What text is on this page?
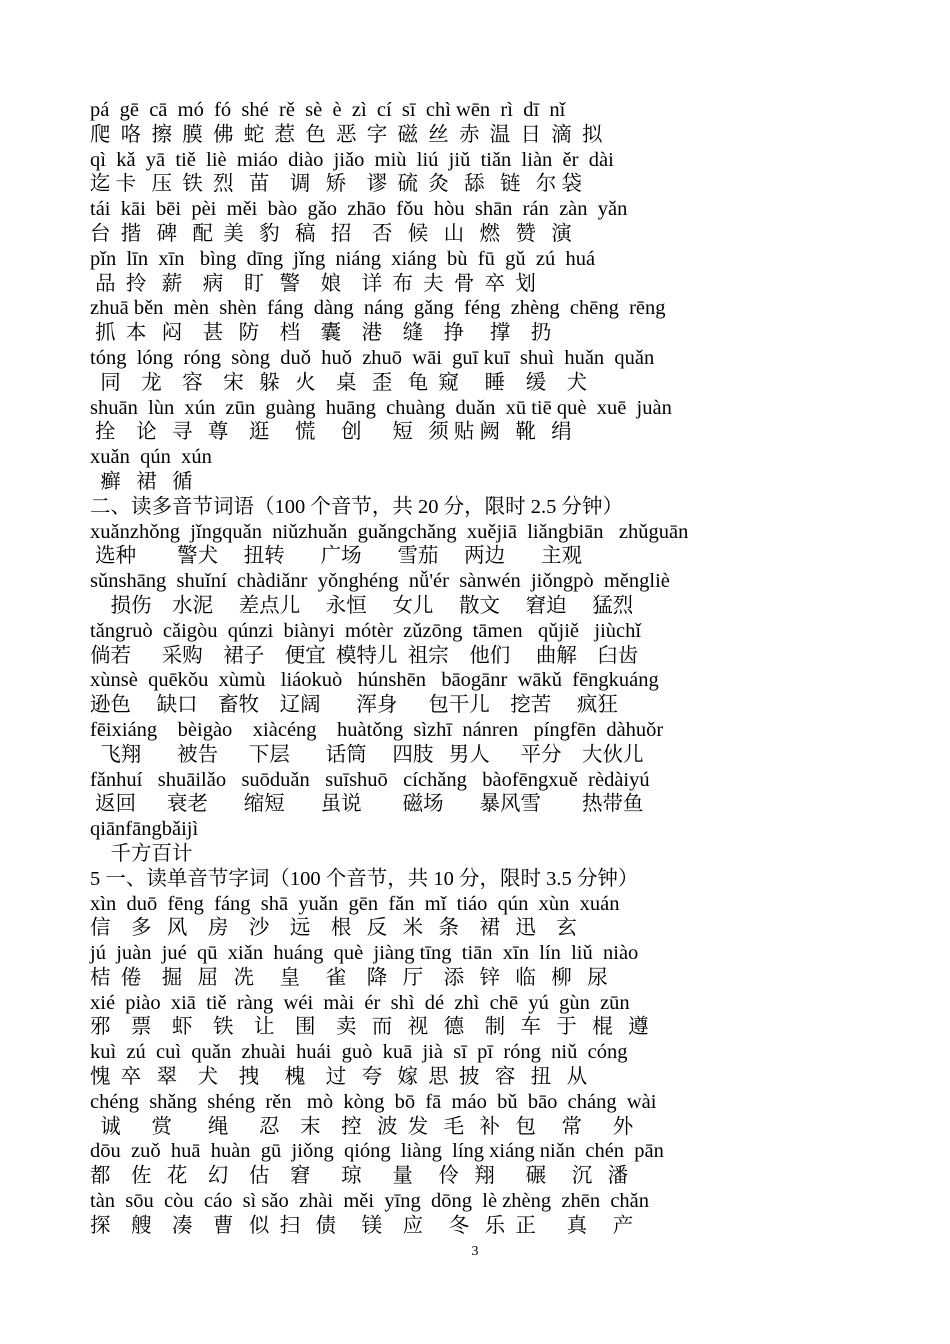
pá  gē  cā  mó  fó  shé  rě  sè  è  zì  cí  sī  chì wēn  rì  dī  nǐ
爬  咯  擦  膜  佛  蛇  惹  色  恶  字  磁  丝  赤  温  日  滴  拟
qì  kǎ  yā  tiě  liè  miáo  diào  jiǎo  miù  liú  jiǔ  tiǎn  liàn  ěr  dài
迄 卡   压  铁  烈   苗    调   矫    谬  硫  灸   舔   链   尔 袋
tái  kāi  bēi  pèi  měi  bào  gǎo  zhāo  fǒu  hòu  shān  rán  zàn  yǎn
台  揩   碑   配  美   豹   稿   招    否   候   山   燃   赞   演
pǐn  līn  xīn   bìng  dīng  jǐng  niáng  xiáng  bù  fū  gǔ  zú  huá
品  拎   薪    病    盯   警    娘    详  布  夫  骨  卒  划
zhuā běn  mèn  shèn  fáng  dàng  náng  gǎng  féng  zhèng  chēng  rēng
抓  本   闷    甚   防    档    囊    港    缝    挣     撑    扔
tóng  lóng  róng  sòng  duǒ  huǒ  zhuō  wāi  guī kuī  shuì  huǎn  quǎn
同    龙    容    宋   躲   火    桌   歪   龟  窥     睡    缓    犬
shuān  lùn  xún  zūn  guàng  huāng  chuàng  duǎn  xū tiē què  xuē  juàn
拴    论   寻   尊    逛     慌     创      短   须 贴 阙   靴   绢
xuǎn  qún  xún
癣   裙   循
二、读多音节词语（100 个音节，共 20 分，限时 2.5 分钟）
xuǎnzhǒng  jǐngquǎn  niǔzhuǎn  guǎngchǎng  xuějiā  liǎngbiān   zhǔguān
选种        警犬     扭转       广场       雪茄     两边       主观
sǔnshāng  shuǐní  chàdiǎnr  yǒnghéng  nǚ'ér  sànwén  jiǒngpò  měngliè
损伤    水泥     差点儿     永恒     女儿     散文     窘迫     猛烈
tǎngruò  cǎigòu  qúnzi  biànyi  mótèr  zǔzōng  tāmen   qǔjiě   jiùchǐ
倘若      采购    裙子    便宜  模特儿  祖宗    他们     曲解    臼齿
xùnsè  quēkǒu  xùmù   liáokuò   húnshēn   bāogānr  wākǔ  fēngkuáng
逊色     缺口    畜牧    辽阔       浑身      包干儿    挖苦     疯狂
fēixiáng    bèigào    xiàcéng    huàtǒng  sìzhī  nánren   píngfēn  dàhuǒr
飞翔       被告      下层       话筒     四肢   男人      平分    大伙儿
fǎnhuí   shuāilǎo   suōduǎn   suīshuō   cíchǎng   bàofēngxuě  rèdàiyú
返回      衰老       缩短       虽说        磁场       暴风雪        热带鱼
qiānfāngbǎijì
千方百计
5 一、读单音节字词（100 个音节，共 10 分，限时 3.5 分钟）
xìn  duō  fēng  fáng  shā  yuǎn  gēn  fǎn  mǐ  tiáo  qún  xùn  xuán
信    多   风    房    沙    远    根   反   米   条    裙   迅    玄
jú  juàn  jué  qū  xiǎn  huáng  què  jiàng tīng  tiān  xīn  lín  liǔ  niào
桔  倦    掘   屈   冼     皇     雀    降   厅    添   锌   临   柳   尿
xié  piào  xiā  tiě  ràng  wéi  mài  ér  shì  dé  zhì  chē  yú  gùn  zūn
邪    票    虾    铁    让    围    卖   而   视   德    制   车   于   棍   遵
kuì  zú  cuì  quǎn  zhuài  huái  guò  kuā  jià  sī  pī  róng  niǔ  cóng
愧  卒   翠    犬    拽     槐    过   夸   嫁  思  披   容   扭   从
chéng  shǎng  shéng  rěn   mò  kòng  bō  fā  máo  bǔ  bāo  cháng  wài
诚      赏       绳      忍    末    控   波  发   毛   补   包     常      外
dōu  zuǒ  huā  huàn  gū  jiǒng  qióng  liàng  líng xiáng niǎn  chén  pān
都    佐   花    幻    估    窘      琼      量     伶   翔      碾     沉   潘
tàn  sōu  còu  cáo  sì sǎo  zhài  měi  yīng  dōng  lè zhèng  zhēn  chǎn
探    艘    凑    曹   似  扫   债     镁    应     冬   乐  正      真     产
3
